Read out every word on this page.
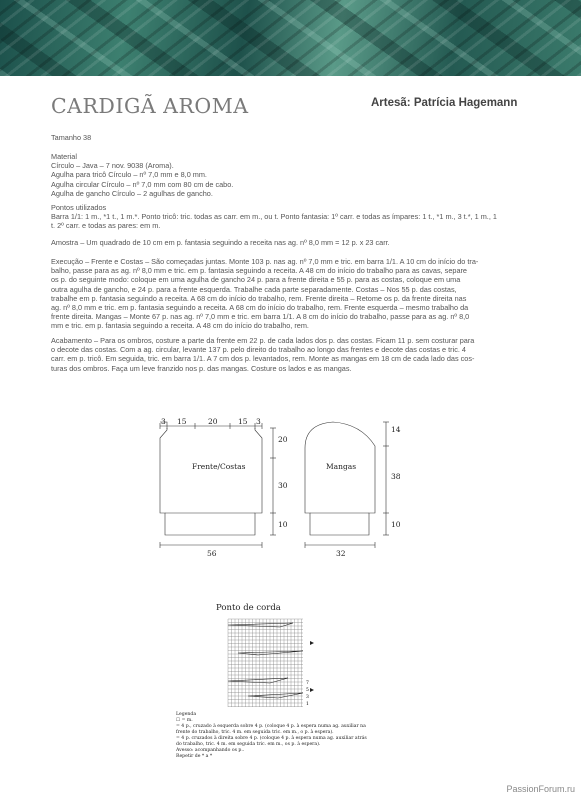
CARDIGÃ AROMA	Artesã: Patrícia Hagemann
Tamanho 38
Material
Círculo – Java – 7 nov. 9038 (Aroma).
Agulha para tricô Círculo – nº 7,0 mm e 8,0 mm.
Agulha circular Círculo – nº 7,0 mm com 80 cm de cabo.
Agulha de gancho Círculo – 2 agulhas de gancho.
Pontos utilizados
Barra 1/1: 1 m., *1 t., 1 m.*. Ponto tricô: tric. todas as carr. em m., ou t. Ponto fantasia: 1º carr. e todas as ímpares: 1 t., *1 m., 3 t.*, 1 m., 1
t. 2º carr. e todas as pares: em m.
Amostra – Um quadrado de 10 cm em p. fantasia seguindo a receita nas ag. nº 8,0 mm = 12 p. x 23 carr.
Execução – Frente e Costas – São começadas juntas. Monte 103 p. nas ag. nº 7,0 mm e tric. em barra 1/1. A 10 cm do início do tra-
balho, passe para as ag. nº 8,0 mm e tric. em p. fantasia seguindo a receita. A 48 cm do início do trabalho para as cavas, separe
os p. do seguinte modo: coloque em uma agulha de gancho 24 p. para a frente direita e 55 p. para as costas, coloque em uma
outra agulha de gancho, e 24 p. para a frente esquerda. Trabalhe cada parte separadamente. Costas – Nos 55 p. das costas,
trabalhe em p. fantasia seguindo a receita. A 68 cm do início do trabalho, rem. Frente direita – Retome os p. da frente direita nas
ag. nº 8,0 mm e tric. em p. fantasia seguindo a receita. A 68 cm do início do trabalho, rem. Frente esquerda – mesmo trabalho da
frente direita. Mangas – Monte 67 p. nas ag. nº 7,0 mm e tric. em barra 1/1. A 8 cm do início do trabalho, passe para as ag. nº 8,0
mm e tric. em p. fantasia seguindo a receita. A 48 cm do início do trabalho, rem.
Acabamento – Para os ombros, costure a parte da frente em 22 p. de cada lados dos p. das costas. Ficam 11 p. sem costurar para
o decote das costas. Com a ag. circular, levante 137 p. pelo direito do trabalho ao longo das frentes e decote das costas e tric. 4
carr. em p. tricô. Em seguida, tric. em barra 1/1. A 7 cm dos p. levantados, rem. Monte as mangas em 18 cm de cada lado das cos-
turas dos ombros. Faça um leve franzido nos p. das mangas. Costure os lados e as mangas.
3 15	20	15 3
Frente/Costas
20
30
10
56
Mangas
14
38
10
32
Ponto de corda
7
5
3
1
Legenda
☐ = m.
= 4 p., cruzado à esquerda sobre 4 p. (coloque 4 p. à espera numa ag. auxiliar na
frente do trabalho, tric. 4 m. em seguida tric. em m., o p. à espera).
= 4 p. cruzados à direita sobre 4 p. (coloque 4 p. à espera numa ag. auxiliar atrás
do trabalho, tric. 4 m. em seguida tric. em m., os p. à espera).
Avesso: acompanhando os p..
Repetir de * a *
PassionForum.ru
